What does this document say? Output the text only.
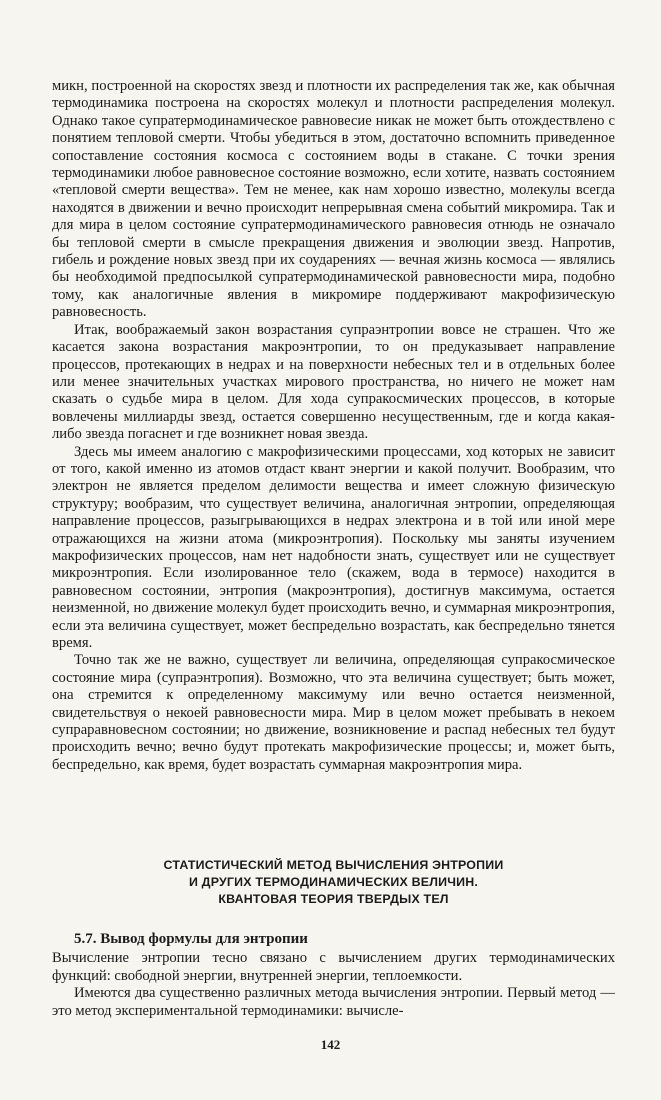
микн, построенной на скоростях звезд и плотности их распределения так же, как обычная термодинамика построена на скоростях молекул и плотности распределения молекул. Однако такое супратермодинамическое равновесие никак не может быть отождествлено с понятием тепловой смерти. Чтобы убедиться в этом, достаточно вспомнить приведенное сопоставление состояния космоса с состоянием воды в стакане. С точки зрения термодинамики любое равновесное состояние возможно, если хотите, назвать состоянием «тепловой смерти вещества». Тем не менее, как нам хорошо известно, молекулы всегда находятся в движении и вечно происходит непрерывная смена событий микромира. Так и для мира в целом состояние супратермодинамического равновесия отнюдь не означало бы тепловой смерти в смысле прекращения движения и эволюции звезд. Напротив, гибель и рождение новых звезд при их соударениях — вечная жизнь космоса — являлись бы необходимой предпосылкой супратермодинамической равновесности мира, подобно тому, как аналогичные явления в микромире поддерживают макрофизическую равновесность.

Итак, воображаемый закон возрастания супраэнтропии вовсе не страшен. Что же касается закона возрастания макроэнтропии, то он предуказывает направление процессов, протекающих в недрах и на поверхности небесных тел и в отдельных более или менее значительных участках мирового пространства, но ничего не может нам сказать о судьбе мира в целом. Для хода супракосмических процессов, в которые вовлечены миллиарды звезд, остается совершенно несущественным, где и когда какая-либо звезда погаснет и где возникнет новая звезда.

Здесь мы имеем аналогию с макрофизическими процессами, ход которых не зависит от того, какой именно из атомов отдаст квант энергии и какой получит. Вообразим, что электрон не является пределом делимости вещества и имеет сложную физическую структуру; вообразим, что существует величина, аналогичная энтропии, определяющая направление процессов, разыгрывающихся в недрах электрона и в той или иной мере отражающихся на жизни атома (микроэнтропия). Поскольку мы заняты изучением макрофизических процессов, нам нет надобности знать, существует или не существует микроэнтропия. Если изолированное тело (скажем, вода в термосе) находится в равновесном состоянии, энтропия (макроэнтропия), достигнув максимума, остается неизменной, но движение молекул будет происходить вечно, и суммарная микроэнтропия, если эта величина существует, может беспредельно возрастать, как беспредельно тянется время.

Точно так же не важно, существует ли величина, определяющая супракосмическое состояние мира (супраэнтропия). Возможно, что эта величина существует; быть может, она стремится к определенному максимуму или вечно остается неизменной, свидетельствуя о некоей равновесности мира. Мир в целом может пребывать в некоем супраравновесном состоянии; но движение, возникновение и распад небесных тел будут происходить вечно; вечно будут протекать макрофизические процессы; и, может быть, беспредельно, как время, будет возрастать суммарная макроэнтропия мира.

СТАТИСТИЧЕСКИЙ МЕТОД ВЫЧИСЛЕНИЯ ЭНТРОПИИ
И ДРУГИХ ТЕРМОДИНАМИЧЕСКИХ ВЕЛИЧИН.
КВАНТОВАЯ ТЕОРИЯ ТВЕРДЫХ ТЕЛ
5.7. Вывод формулы для энтропии

Вычисление энтропии тесно связано с вычислением других термодинамических функций: свободной энергии, внутренней энергии, теплоемкости.

Имеются два существенно различных метода вычисления энтропии. Первый метод — это метод экспериментальной термодинамики: вычисле-

142
